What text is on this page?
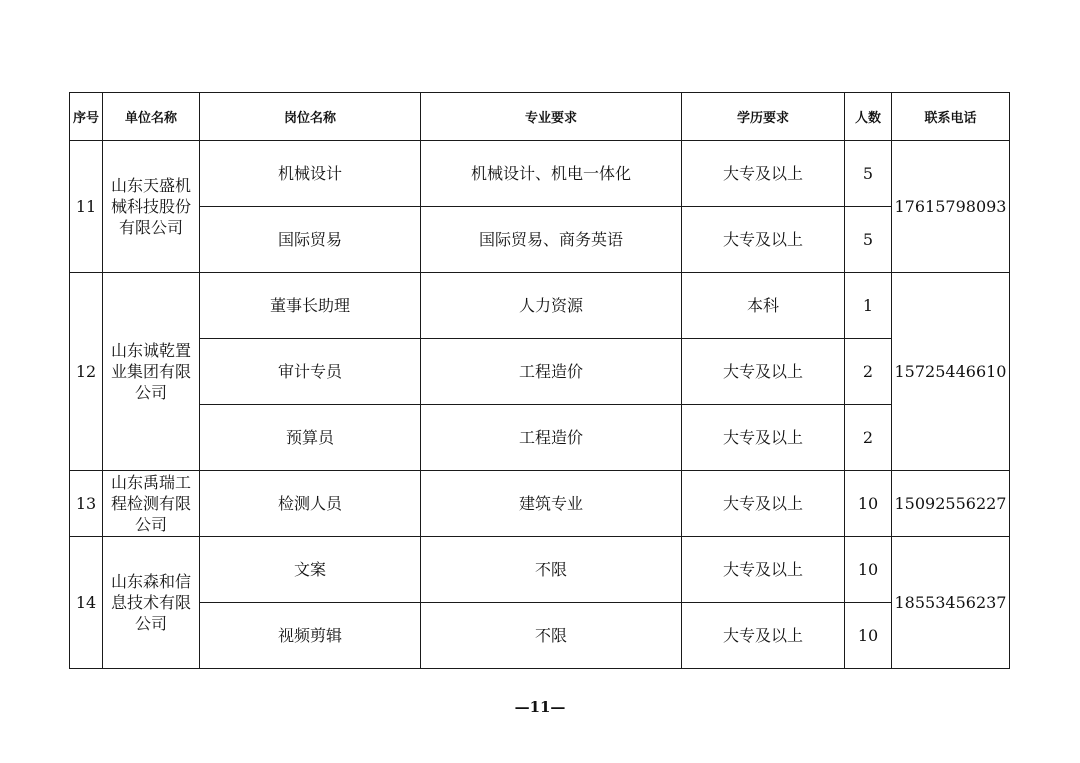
序号	单位名称	岗位名称	专业要求	学历要求	人数	联系电话
11	山东天盛机械科技股份有限公司	机械设计	机械设计、机电一体化	大专及以上	5	17615798093
		国际贸易	国际贸易、商务英语	大专及以上	5	
12	山东诚乾置业集团有限公司	董事长助理	人力资源	本科	1	15725446610
		审计专员	工程造价	大专及以上	2	
		预算员	工程造价	大专及以上	2	
13	山东禹瑞工程检测有限公司	检测人员	建筑专业	大专及以上	10	15092556227
14	山东森和信息技术有限公司	文案	不限	大专及以上	10	18553456237
		视频剪辑	不限	大专及以上	10	
—11—
